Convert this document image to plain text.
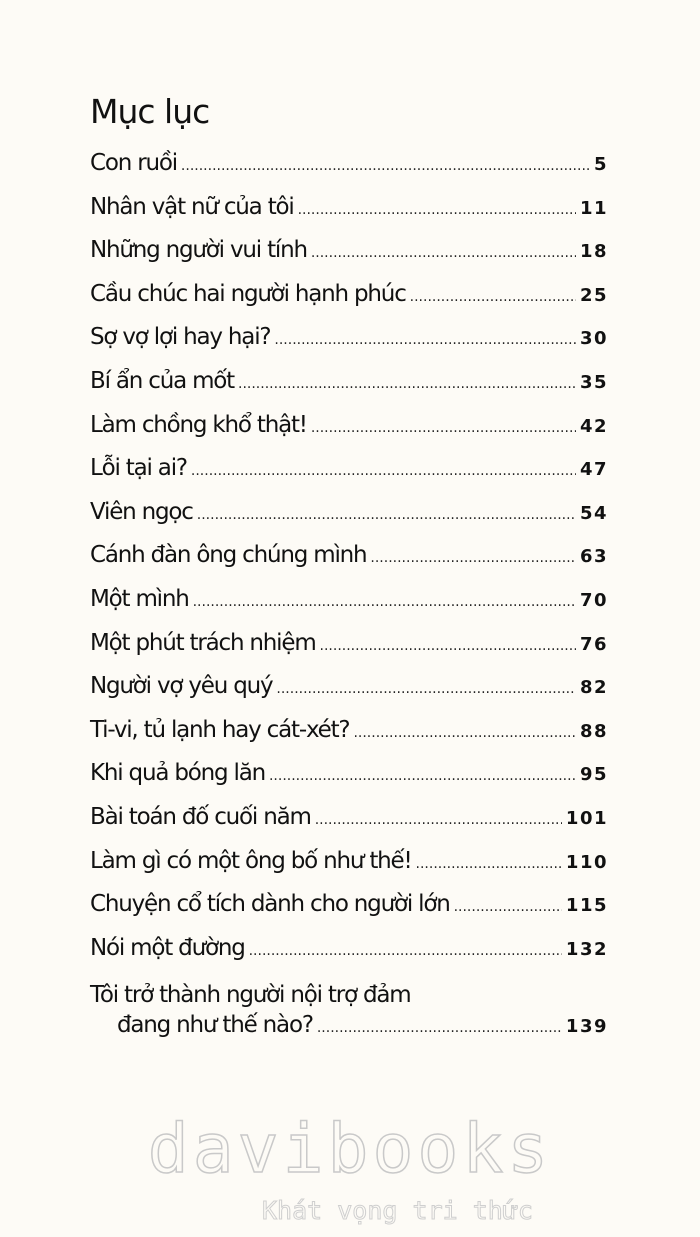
Mục lục
Con ruồi .....	5
Nhân vật nữ của tôi .....	11
Những người vui tính .....	18
Cầu chúc hai người hạnh phúc .....	25
Sợ vợ lợi hay hại? .....	30
Bí ẩn của mốt .....	35
Làm chồng khổ thật! .....	42
Lỗi tại ai? .....	47
Viên ngọc .....	54
Cánh đàn ông chúng mình .....	63
Một mình .....	70
Một phút trách nhiệm .....	76
Người vợ yêu quý .....	82
Ti-vi, tủ lạnh hay cát-xét? .....	88
Khi quả bóng lăn .....	95
Bài toán đố cuối năm .....	101
Làm gì có một ông bố như thế! .....	110
Chuyện cổ tích dành cho người lớn .....	115
Nói một đường .....	132
Tôi trở thành người nội trợ đảm
đang như thế nào? .....	139
davibooks
Khát vọng tri thức
